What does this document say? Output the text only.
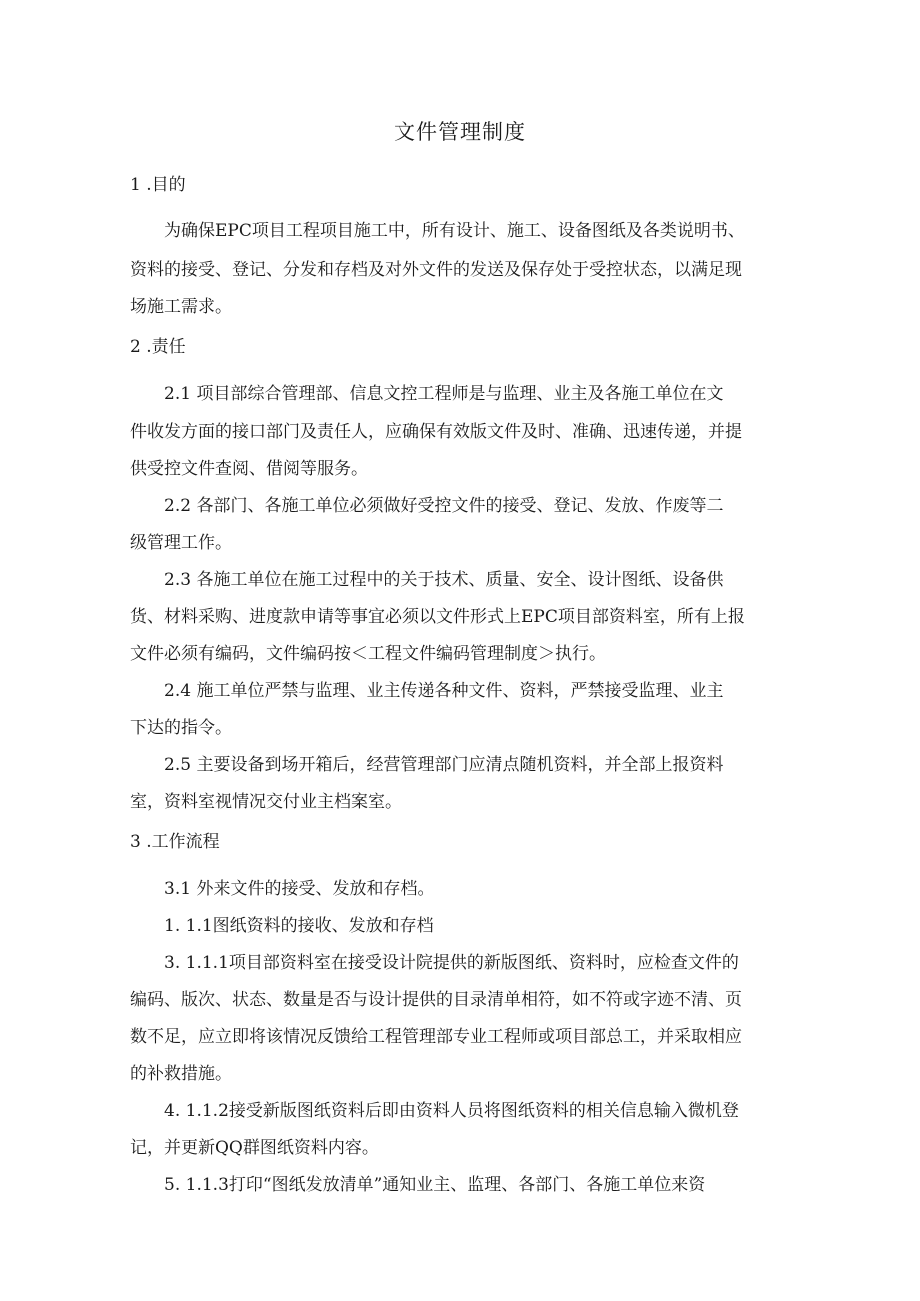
文件管理制度
1 .目的
为确保EPC项目工程项目施工中，所有设计、施工、设备图纸及各类说明书、
资料的接受、登记、分发和存档及对外文件的发送及保存处于受控状态，以满足现
场施工需求。
2 .责任
2.1 项目部综合管理部、信息文控工程师是与监理、业主及各施工单位在文
件收发方面的接口部门及责任人，应确保有效版文件及时、准确、迅速传递，并提
供受控文件查阅、借阅等服务。
2.2 各部门、各施工单位必须做好受控文件的接受、登记、发放、作废等二
级管理工作。
2.3 各施工单位在施工过程中的关于技术、质量、安全、设计图纸、设备供
货、材料采购、进度款申请等事宜必须以文件形式上EPC项目部资料室，所有上报
文件必须有编码，文件编码按＜工程文件编码管理制度＞执行。
2.4 施工单位严禁与监理、业主传递各种文件、资料，严禁接受监理、业主
下达的指令。
2.5 主要设备到场开箱后，经营管理部门应清点随机资料，并全部上报资料
室，资料室视情况交付业主档案室。
3 .工作流程
3.1 外来文件的接受、发放和存档。
1. 1.1图纸资料的接收、发放和存档
3. 1.1.1项目部资料室在接受设计院提供的新版图纸、资料时，应检查文件的
编码、版次、状态、数量是否与设计提供的目录清单相符，如不符或字迹不清、页
数不足，应立即将该情况反馈给工程管理部专业工程师或项目部总工，并采取相应
的补救措施。
4. 1.1.2接受新版图纸资料后即由资料人员将图纸资料的相关信息输入微机登
记，并更新QQ群图纸资料内容。
5. 1.1.3打印“图纸发放清单”通知业主、监理、各部门、各施工单位来资
